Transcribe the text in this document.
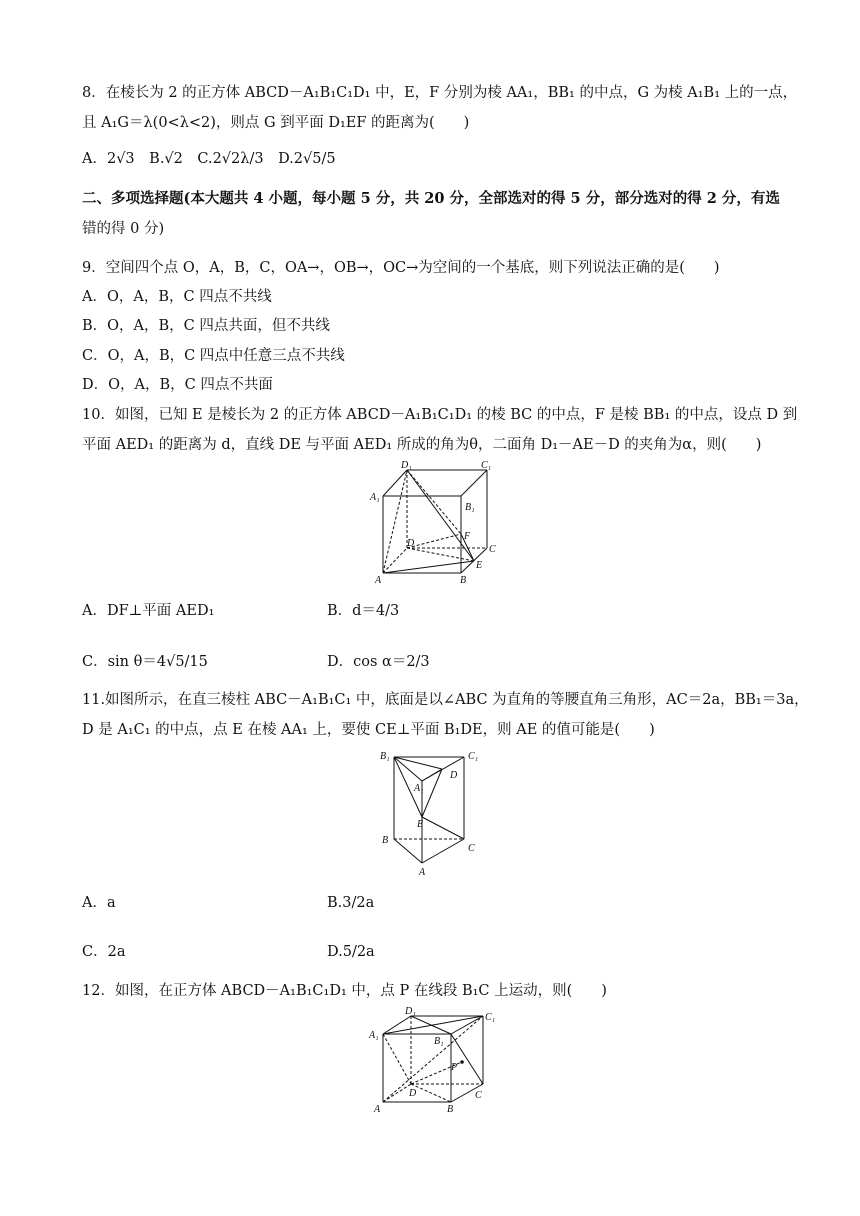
8．在棱长为 2 的正方体 ABCD－A₁B₁C₁D₁ 中，E，F 分别为棱 AA₁，BB₁ 的中点，G 为棱 A₁B₁ 上的一点，
且 A₁G＝λ(0<λ<2)，则点 G 到平面 D₁EF 的距离为(　　)
A．2√3　B.√2　C.2√2λ/3　D.2√5/5
二、多项选择题(本大题共 4 小题，每小题 5 分，共 20 分，全部选对的得 5 分，部分选对的得 2 分，有选
错的得 0 分)
9．空间四个点 O，A，B，C，OA→，OB→，OC→为空间的一个基底，则下列说法正确的是(　　)
A．O，A，B，C 四点不共线
B．O，A，B，C 四点共面，但不共线
C．O，A，B，C 四点中任意三点不共线
D．O，A，B，C 四点不共面
10．如图，已知 E 是棱长为 2 的正方体 ABCD－A₁B₁C₁D₁ 的棱 BC 的中点，F 是棱 BB₁ 的中点，设点 D 到
平面 AED₁ 的距离为 d，直线 DE 与平面 AED₁ 所成的角为θ，二面角 D₁－AE－D 的夹角为α，则(　　)
D₁	C₁
A₁
B₁
D
F
C
E
A	B
A．DF⊥平面 AED₁	B．d＝4/3
C．sin θ＝4√5/15	D．cos α＝2/3
11.如图所示，在直三棱柱 ABC－A₁B₁C₁ 中，底面是以∠ABC 为直角的等腰直角三角形，AC＝2a，BB₁＝3a，
D 是 A₁C₁ 的中点，点 E 在棱 AA₁ 上，要使 CE⊥平面 B₁DE，则 AE 的值可能是(　　)
B₁	C₁
D
A₁
E
B
C
A
A．a	B.3/2a
C．2a	D.5/2a
12．如图，在正方体 ABCD－A₁B₁C₁D₁ 中，点 P 在线段 B₁C 上运动，则(　　)
D₁
C₁
A₁
B₁
P
D
A	B
C
